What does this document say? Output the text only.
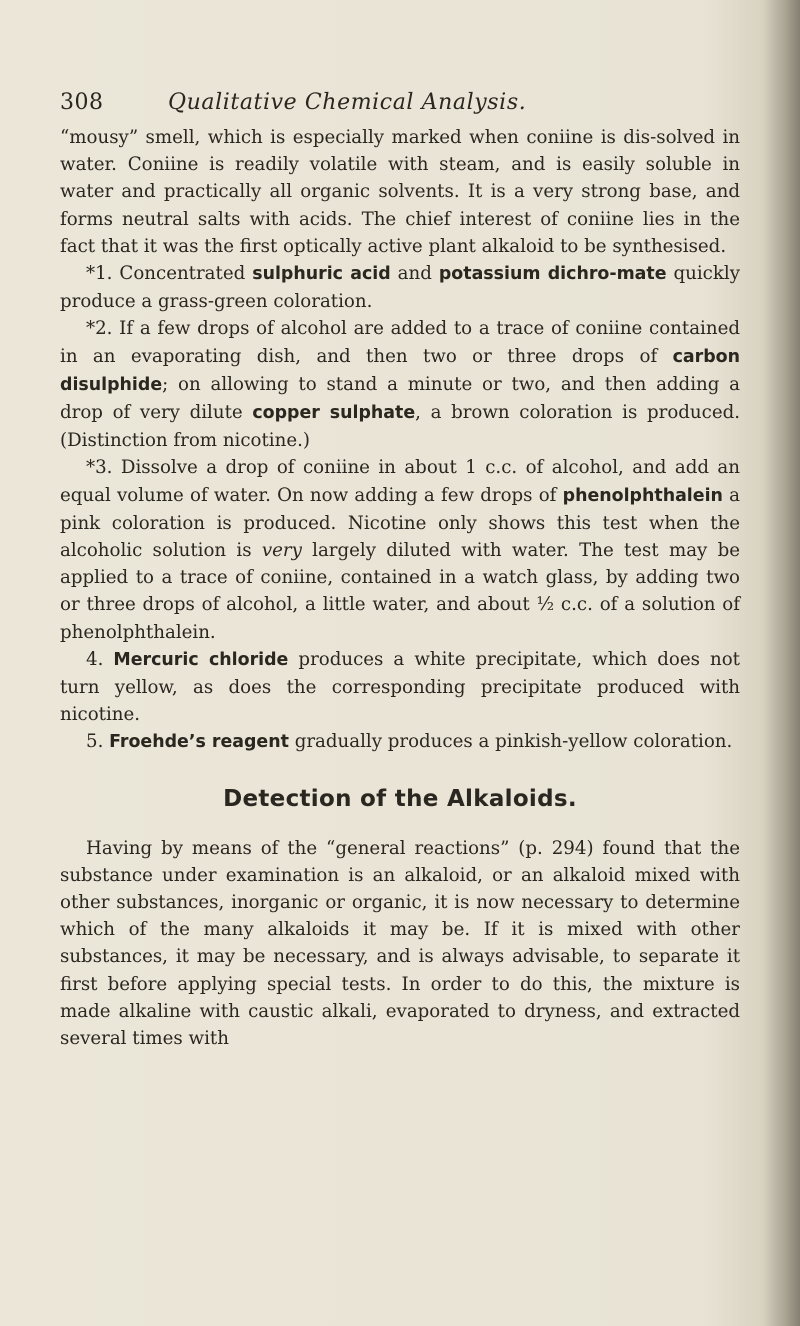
308	Qualitative Chemical Analysis.

“mousy” smell, which is especially marked when coniine is dis-solved in water. Coniine is readily volatile with steam, and is easily soluble in water and practically all organic solvents. It is a very strong base, and forms neutral salts with acids. The chief interest of coniine lies in the fact that it was the first optically active plant alkaloid to be synthesised.

*1. Concentrated sulphuric acid and potassium dichro-mate quickly produce a grass-green coloration.

*2. If a few drops of alcohol are added to a trace of coniine contained in an evaporating dish, and then two or three drops of carbon disulphide; on allowing to stand a minute or two, and then adding a drop of very dilute copper sulphate, a brown coloration is produced. (Distinction from nicotine.)

*3. Dissolve a drop of coniine in about 1 c.c. of alcohol, and add an equal volume of water. On now adding a few drops of phenolphthalein a pink coloration is produced. Nicotine only shows this test when the alcoholic solution is very largely diluted with water. The test may be applied to a trace of coniine, contained in a watch glass, by adding two or three drops of alcohol, a little water, and about ½ c.c. of a solution of phenolphthalein.

4. Mercuric chloride produces a white precipitate, which does not turn yellow, as does the corresponding precipitate produced with nicotine.

5. Froehde’s reagent gradually produces a pinkish-yellow coloration.

Detection of the Alkaloids.

Having by means of the “general reactions” (p. 294) found that the substance under examination is an alkaloid, or an alkaloid mixed with other substances, inorganic or organic, it is now necessary to determine which of the many alkaloids it may be. If it is mixed with other substances, it may be necessary, and is always advisable, to separate it first before applying special tests. In order to do this, the mixture is made alkaline with caustic alkali, evaporated to dryness, and extracted several times with
